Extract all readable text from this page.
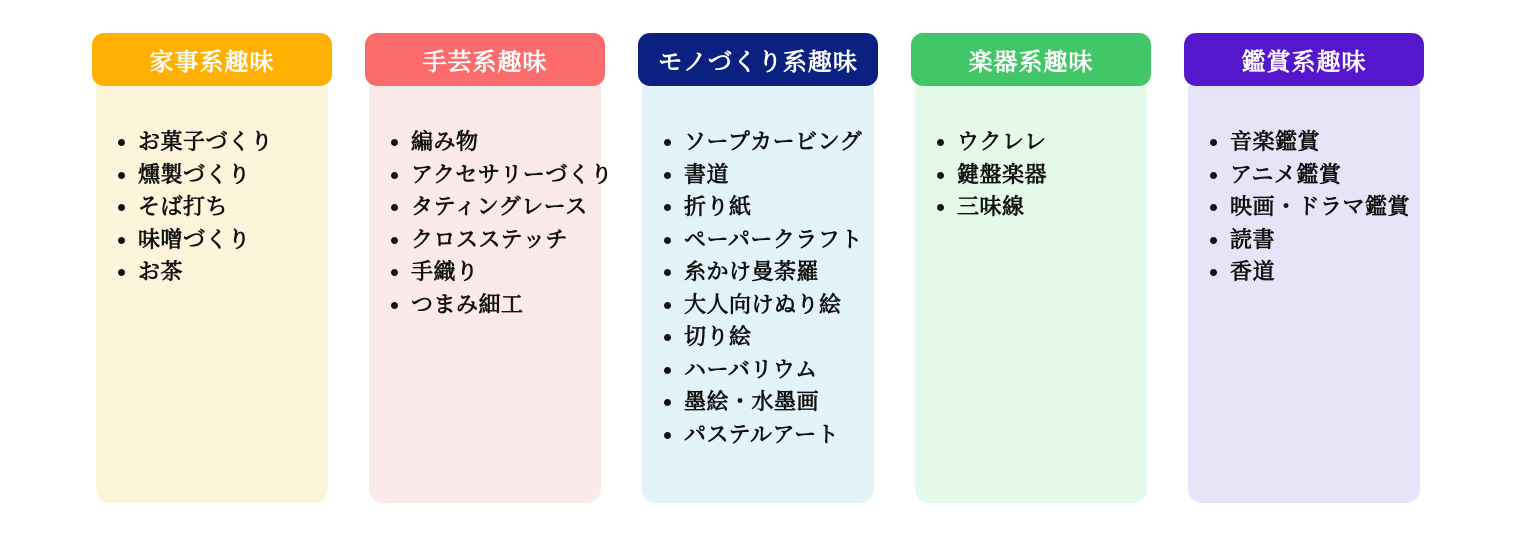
家事系趣味
• お菓子づくり
• 燻製づくり
• そば打ち
• 味噌づくり
• お茶
手芸系趣味
• 編み物
• アクセサリーづくり
• タティングレース
• クロスステッチ
• 手織り
• つまみ細工
モノづくり系趣味
• ソープカービング
• 書道
• 折り紙
• ペーパークラフト
• 糸かけ曼荼羅
• 大人向けぬり絵
• 切り絵
• ハーバリウム
• 墨絵・水墨画
• パステルアート
楽器系趣味
• ウクレレ
• 鍵盤楽器
• 三味線
鑑賞系趣味
• 音楽鑑賞
• アニメ鑑賞
• 映画・ドラマ鑑賞
• 読書
• 香道
